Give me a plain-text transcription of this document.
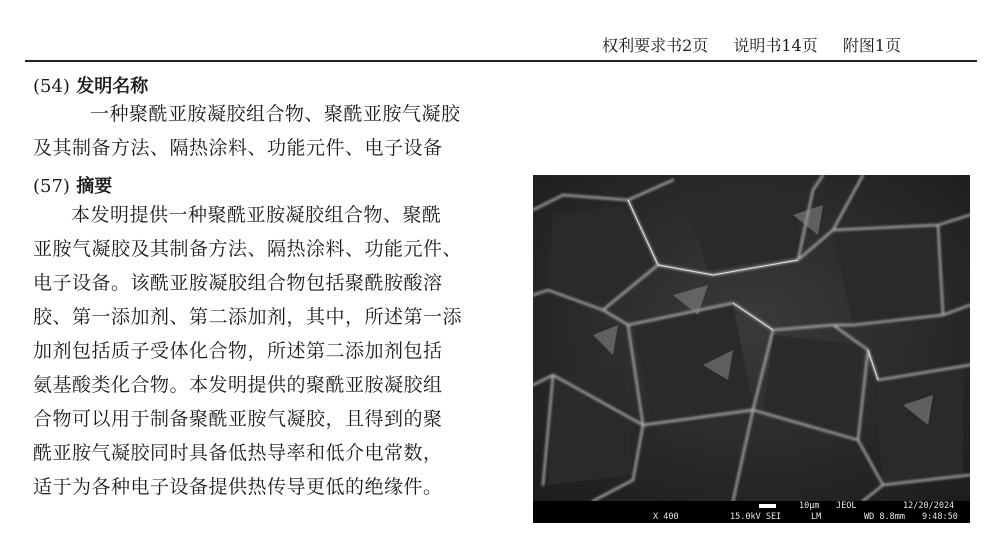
权利要求书2页 说明书14页 附图1页
(54) 发明名称
一种聚酰亚胺凝胶组合物、聚酰亚胺气凝胶
及其制备方法、隔热涂料、功能元件、电子设备
(57) 摘要
本发明提供一种聚酰亚胺凝胶组合物、聚酰
亚胺气凝胶及其制备方法、隔热涂料、功能元件、
电子设备。该酰亚胺凝胶组合物包括聚酰胺酸溶
胶、第一添加剂、第二添加剂，其中，所述第一添
加剂包括质子受体化合物，所述第二添加剂包括
氨基酸类化合物。本发明提供的聚酰亚胺凝胶组
合物可以用于制备聚酰亚胺气凝胶，且得到的聚
酰亚胺气凝胶同时具备低热导率和低介电常数，
适于为各种电子设备提供热传导更低的绝缘件。
10μm JEOL	12/20/2024
X 400	15.0kV SEI	LM	WD 8.8mm 9:48:50
